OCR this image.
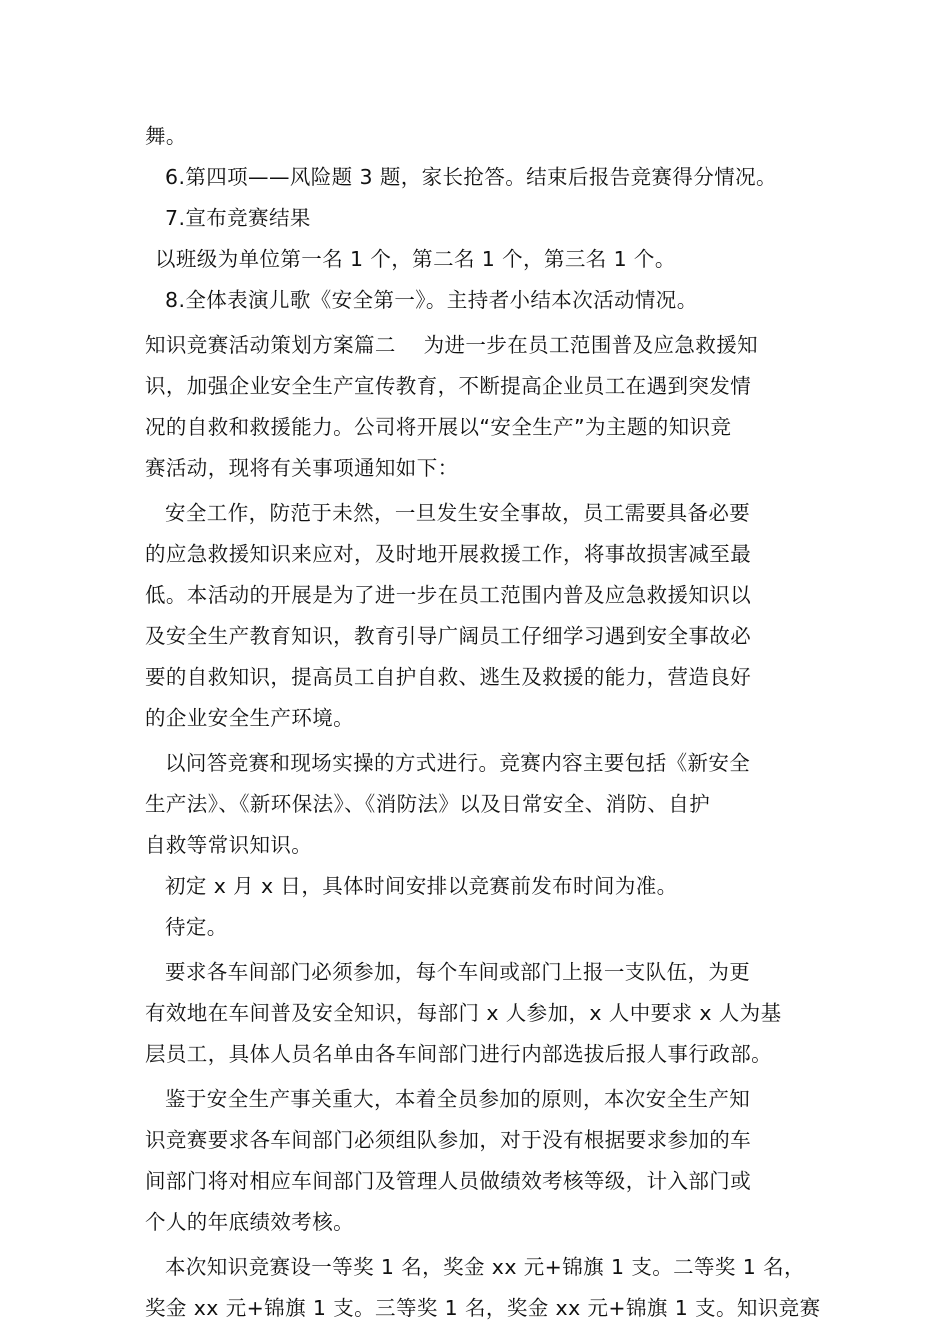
舞。
6.第四项——风险题 3 题，家长抢答。结束后报告竞赛得分情况。
7.宣布竞赛结果
以班级为单位第一名 1 个，第二名 1 个，第三名 1 个。
8.全体表演儿歌《安全第一》。主持者小结本次活动情况。
知识竞赛活动策划方案篇二　 为进一步在员工范围普及应急救援知
识，加强企业安全生产宣传教育，不断提高企业员工在遇到突发情
况的自救和救援能力。公司将开展以“安全生产”为主题的知识竞
赛活动，现将有关事项通知如下：
安全工作，防范于未然，一旦发生安全事故，员工需要具备必要
的应急救援知识来应对，及时地开展救援工作，将事故损害减至最
低。本活动的开展是为了进一步在员工范围内普及应急救援知识以
及安全生产教育知识，教育引导广阔员工仔细学习遇到安全事故必
要的自救知识，提高员工自护自救、逃生及救援的能力，营造良好
的企业安全生产环境。
以问答竞赛和现场实操的方式进行。竞赛内容主要包括《新安全
生产法》、《新环保法》、《消防法》以及日常安全、消防、自护
自救等常识知识。
初定 x 月 x 日，具体时间安排以竞赛前发布时间为准。
待定。
要求各车间部门必须参加，每个车间或部门上报一支队伍，为更
有效地在车间普及安全知识，每部门 x 人参加，x 人中要求 x 人为基
层员工，具体人员名单由各车间部门进行内部选拔后报人事行政部。
鉴于安全生产事关重大，本着全员参加的原则，本次安全生产知
识竞赛要求各车间部门必须组队参加，对于没有根据要求参加的车
间部门将对相应车间部门及管理人员做绩效考核等级，计入部门或
个人的年底绩效考核。
本次知识竞赛设一等奖 1 名，奖金 xx 元+锦旗 1 支。二等奖 1 名，
奖金 xx 元+锦旗 1 支。三等奖 1 名，奖金 xx 元+锦旗 1 支。知识竞赛
